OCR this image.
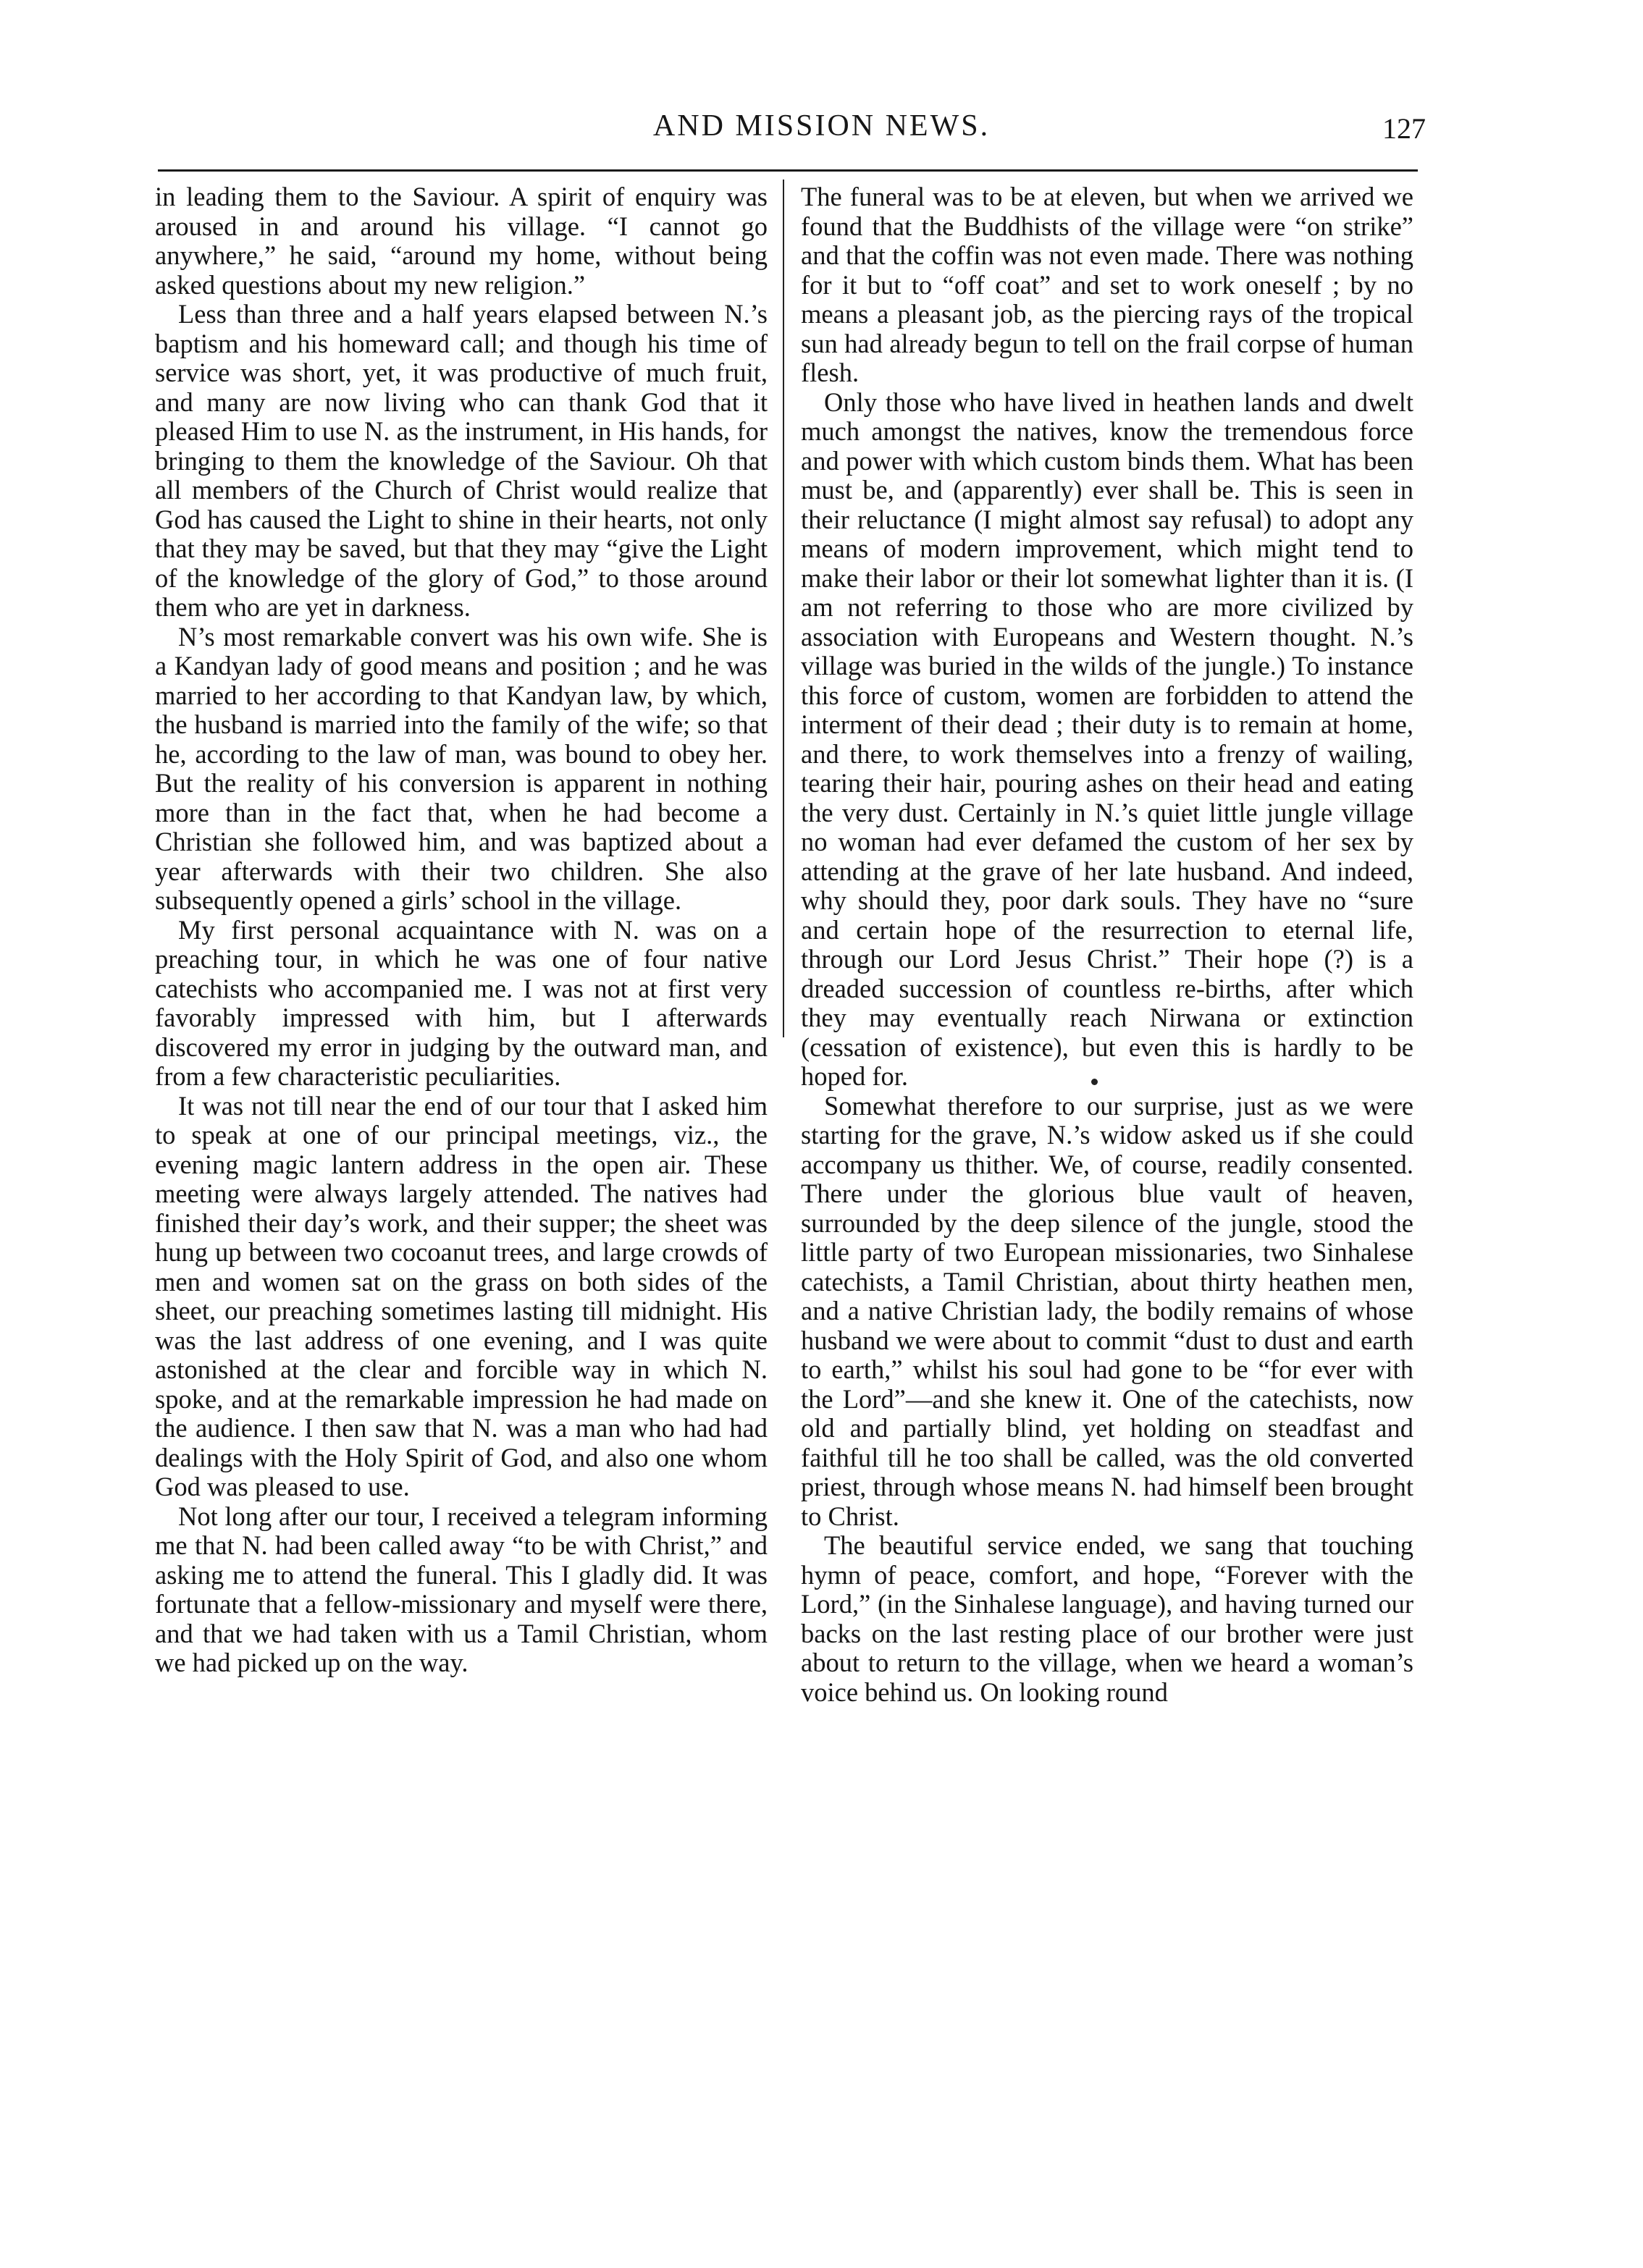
AND MISSION NEWS.	127

in leading them to the Saviour. A spirit of enquiry was aroused in and around his village. “I cannot go anywhere,” he said, “around my home, without being asked questions about my new religion.”

Less than three and a half years elapsed between N.’s baptism and his homeward call; and though his time of service was short, yet, it was productive of much fruit, and many are now living who can thank God that it pleased Him to use N. as the instrument, in His hands, for bringing to them the knowledge of the Saviour. Oh that all members of the Church of Christ would realize that God has caused the Light to shine in their hearts, not only that they may be saved, but that they may “give the Light of the knowledge of the glory of God,” to those around them who are yet in darkness.

N’s most remarkable convert was his own wife. She is a Kandyan lady of good means and position ; and he was married to her according to that Kandyan law, by which, the husband is married into the family of the wife; so that he, according to the law of man, was bound to obey her. But the reality of his conversion is apparent in nothing more than in the fact that, when he had become a Christian she followed him, and was baptized about a year afterwards with their two children. She also subsequently opened a girls’ school in the village.

My first personal acquaintance with N. was on a preaching tour, in which he was one of four native catechists who accompanied me. I was not at first very favorably impressed with him, but I afterwards discovered my error in judging by the outward man, and from a few characteristic peculiarities.

It was not till near the end of our tour that I asked him to speak at one of our principal meetings, viz., the evening magic lantern address in the open air. These meeting were always largely attended. The natives had finished their day’s work, and their supper; the sheet was hung up between two cocoanut trees, and large crowds of men and women sat on the grass on both sides of the sheet, our preaching sometimes lasting till midnight. His was the last address of one evening, and I was quite astonished at the clear and forcible way in which N. spoke, and at the remarkable impression he had made on the audience. I then saw that N. was a man who had had dealings with the Holy Spirit of God, and also one whom God was pleased to use.

Not long after our tour, I received a telegram informing me that N. had been called away “to be with Christ,” and asking me to attend the funeral. This I gladly did. It was fortunate that a fellow-missionary and myself were there, and that we had taken with us a Tamil Christian, whom we had picked up on the way.

The funeral was to be at eleven, but when we arrived we found that the Buddhists of the village were “on strike” and that the coffin was not even made. There was nothing for it but to “off coat” and set to work oneself ; by no means a pleasant job, as the piercing rays of the tropical sun had already begun to tell on the frail corpse of human flesh.

Only those who have lived in heathen lands and dwelt much amongst the natives, know the tremendous force and power with which custom binds them. What has been must be, and (apparently) ever shall be. This is seen in their reluctance (I might almost say refusal) to adopt any means of modern improvement, which might tend to make their labor or their lot somewhat lighter than it is. (I am not referring to those who are more civilized by association with Europeans and Western thought. N.’s village was buried in the wilds of the jungle.) To instance this force of custom, women are forbidden to attend the interment of their dead ; their duty is to remain at home, and there, to work themselves into a frenzy of wailing, tearing their hair, pouring ashes on their head and eating the very dust. Certainly in N.’s quiet little jungle village no woman had ever defamed the custom of her sex by attending at the grave of her late husband. And indeed, why should they, poor dark souls. They have no “sure and certain hope of the resurrection to eternal life, through our Lord Jesus Christ.” Their hope (?) is a dreaded succession of countless re-births, after which they may eventually reach Nirwana or extinction (cessation of existence), but even this is hardly to be hoped for.

Somewhat therefore to our surprise, just as we were starting for the grave, N.’s widow asked us if she could accompany us thither. We, of course, readily consented. There under the glorious blue vault of heaven, surrounded by the deep silence of the jungle, stood the little party of two European missionaries, two Sinhalese catechists, a Tamil Christian, about thirty heathen men, and a native Christian lady, the bodily remains of whose husband we were about to commit “dust to dust and earth to earth,” whilst his soul had gone to be “for ever with the Lord”—and she knew it. One of the catechists, now old and partially blind, yet holding on steadfast and faithful till he too shall be called, was the old converted priest, through whose means N. had himself been brought to Christ.

The beautiful service ended, we sang that touching hymn of peace, comfort, and hope, “Forever with the Lord,” (in the Sinhalese language), and having turned our backs on the last resting place of our brother were just about to return to the village, when we heard a woman’s voice behind us. On looking round
